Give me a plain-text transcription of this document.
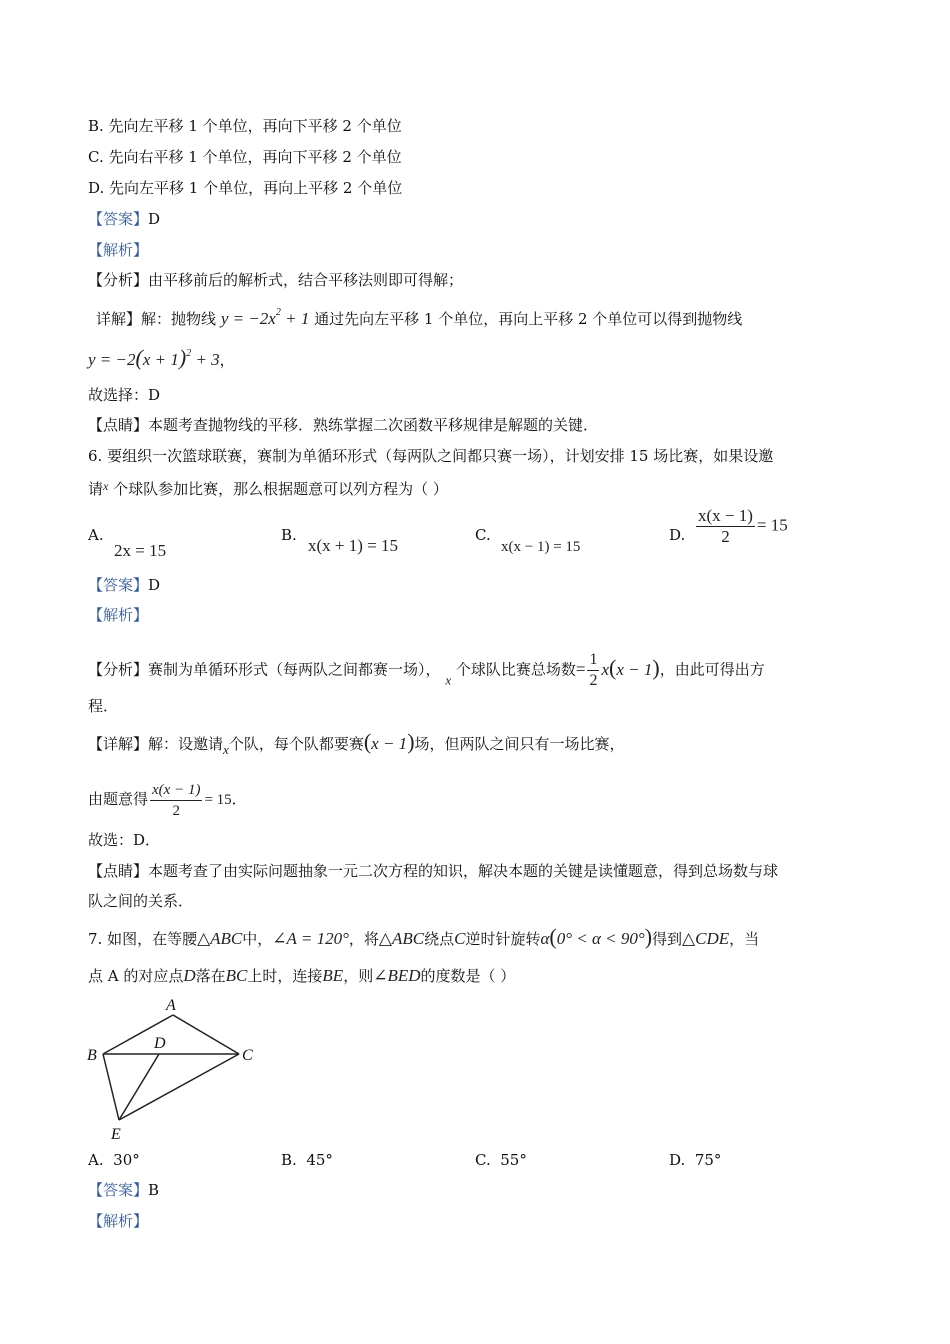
B. 先向左平移 1 个单位，再向下平移 2 个单位
C. 先向右平移 1 个单位，再向下平移 2 个单位
D. 先向左平移 1 个单位，再向上平移 2 个单位
【答案】D
【解析】
【分析】由平移前后的解析式，结合平移法则即可得解；
详解】解：抛物线 $y = -2x^2 + 1$ 通过先向左平移 1 个单位，再向上平移 2 个单位可以得到抛物线
$y = -2(x + 1)^2 + 3$，
故选择：D
【点睛】本题考查抛物线的平移．熟练掌握二次函数平移规律是解题的关键．
6. 要组织一次篮球联赛，赛制为单循环形式（每两队之间都只赛一场），计划安排 15 场比赛，如果设邀
请$^x$ 个球队参加比赛，那么根据题意可以列方程为（ ）
A.
2x = 15
B.
x(x + 1) = 15
C.
x(x − 1) = 15
D. $\frac{x(x - 1)}{2} = 15$
【答案】D
【解析】
【分析】赛制为单循环形式（每两队之间都赛一场）， x 个球队比赛总场数= $\frac{1}{2} x(x - 1)$，由此可得出方
程．
【详解】解：设邀请x个队，每个队都要赛(x − 1)场，但两队之间只有一场比赛，
由题意得 $\frac{x(x - 1)}{2} = 15$．
故选：D．
【点睛】本题考查了由实际问题抽象一元二次方程的知识，解决本题的关键是读懂题意，得到总场数与球
队之间的关系．
7. 如图，在等腰△ABC中，∠A = 120°，将△ABC绕点C逆时针旋转α(0° < α < 90°)得到△CDE，当
点 A 的对应点D落在BC上时，连接BE，则∠BED的度数是（ ）
A
B	C
D
E
A. 30°	B. 45°	C. 55°	D. 75°
【答案】B
【解析】
